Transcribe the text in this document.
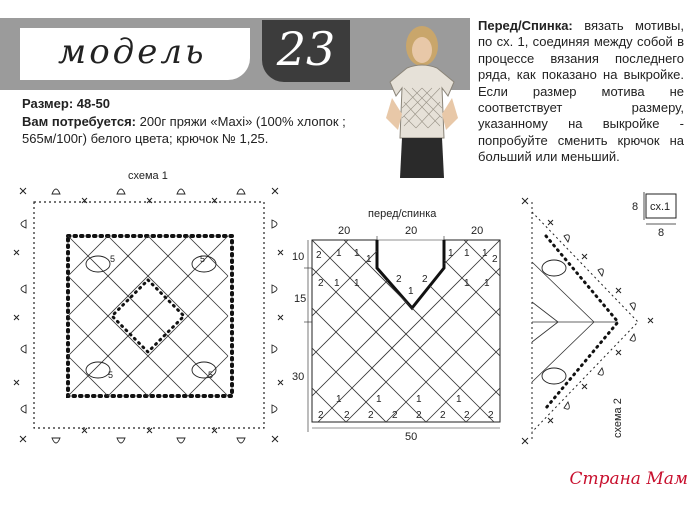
модель	23
Размер: 48-50
Вам потребуется: 200г пряжи «Maxi» (100% хлопок ; 565м/100г) белого цвета; крючок № 1,25.
Перед/Спинка: вязать мотивы, по сх. 1, соединяя между собой в процессе вязания последнего ряда, как показано на выкройке. Если размер мотива не соответствует размеру, указанному на выкройке - попробуйте сменить крючок на больший или меньший.
схема 1
5	5
5	5
перед/спинка
20	20	20
10
15
30
50
2 1 1
1
1 1 1
2
2 2
1
2 1 1	1 1
2 2 2 2 2 2 2 2
1	1	1	1
8 сх.1
8
схема 2
Страна Мам
